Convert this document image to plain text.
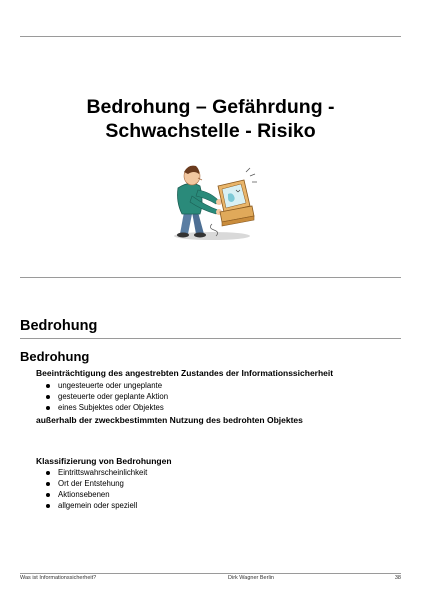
Bedrohung – Gefährdung -
Schwachstelle - Risiko
Bedrohung
Bedrohung
Beeinträchtigung des angestrebten Zustandes der Informationssicherheit
ungesteuerte oder ungeplante
gesteuerte oder geplante Aktion
eines Subjektes oder Objektes
außerhalb der zweckbestimmten Nutzung des bedrohten Objektes
Klassifizierung von Bedrohungen
Eintrittswahrscheinlichkeit
Ort der Entstehung
Aktionsebenen
allgemein oder speziell
Was ist Informationssicherheit?	Dirk Wagner Berlin	38
